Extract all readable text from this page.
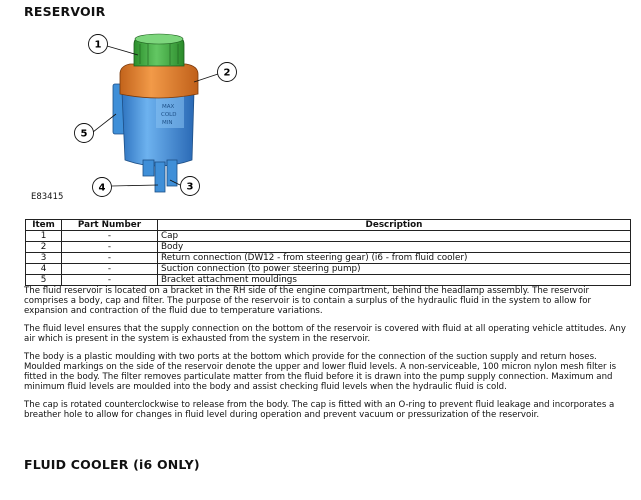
RESERVOIR
MAX
COLD
MIN
1
2
3
4
5
E83415
Item	Part Number	Description
1	-	Cap
2	-	Body
3	-	Return connection (DW12 - from steering gear) (i6 - from fluid cooler)
4	-	Suction connection (to power steering pump)
5	-	Bracket attachment mouldings

The fluid reservoir is located on a bracket in the RH side of the engine compartment, behind the headlamp assembly. The reservoir comprises a body, cap and filter. The purpose of the reservoir is to contain a surplus of the hydraulic fluid in the system to allow for expansion and contraction of the fluid due to temperature variations.

The fluid level ensures that the supply connection on the bottom of the reservoir is covered with fluid at all operating vehicle attitudes. Any air which is present in the system is exhausted from the system in the reservoir.

The body is a plastic moulding with two ports at the bottom which provide for the connection of the suction supply and return hoses. Moulded markings on the side of the reservoir denote the upper and lower fluid levels. A non-serviceable, 100 micron nylon mesh filter is fitted in the body. The filter removes particulate matter from the fluid before it is drawn into the pump supply connection. Maximum and minimum fluid levels are moulded into the body and assist checking fluid levels when the hydraulic fluid is cold.

The cap is rotated counterclockwise to release from the body. The cap is fitted with an O-ring to prevent fluid leakage and incorporates a breather hole to allow for changes in fluid level during operation and prevent vacuum or pressurization of the reservoir.

FLUID COOLER (i6 ONLY)
